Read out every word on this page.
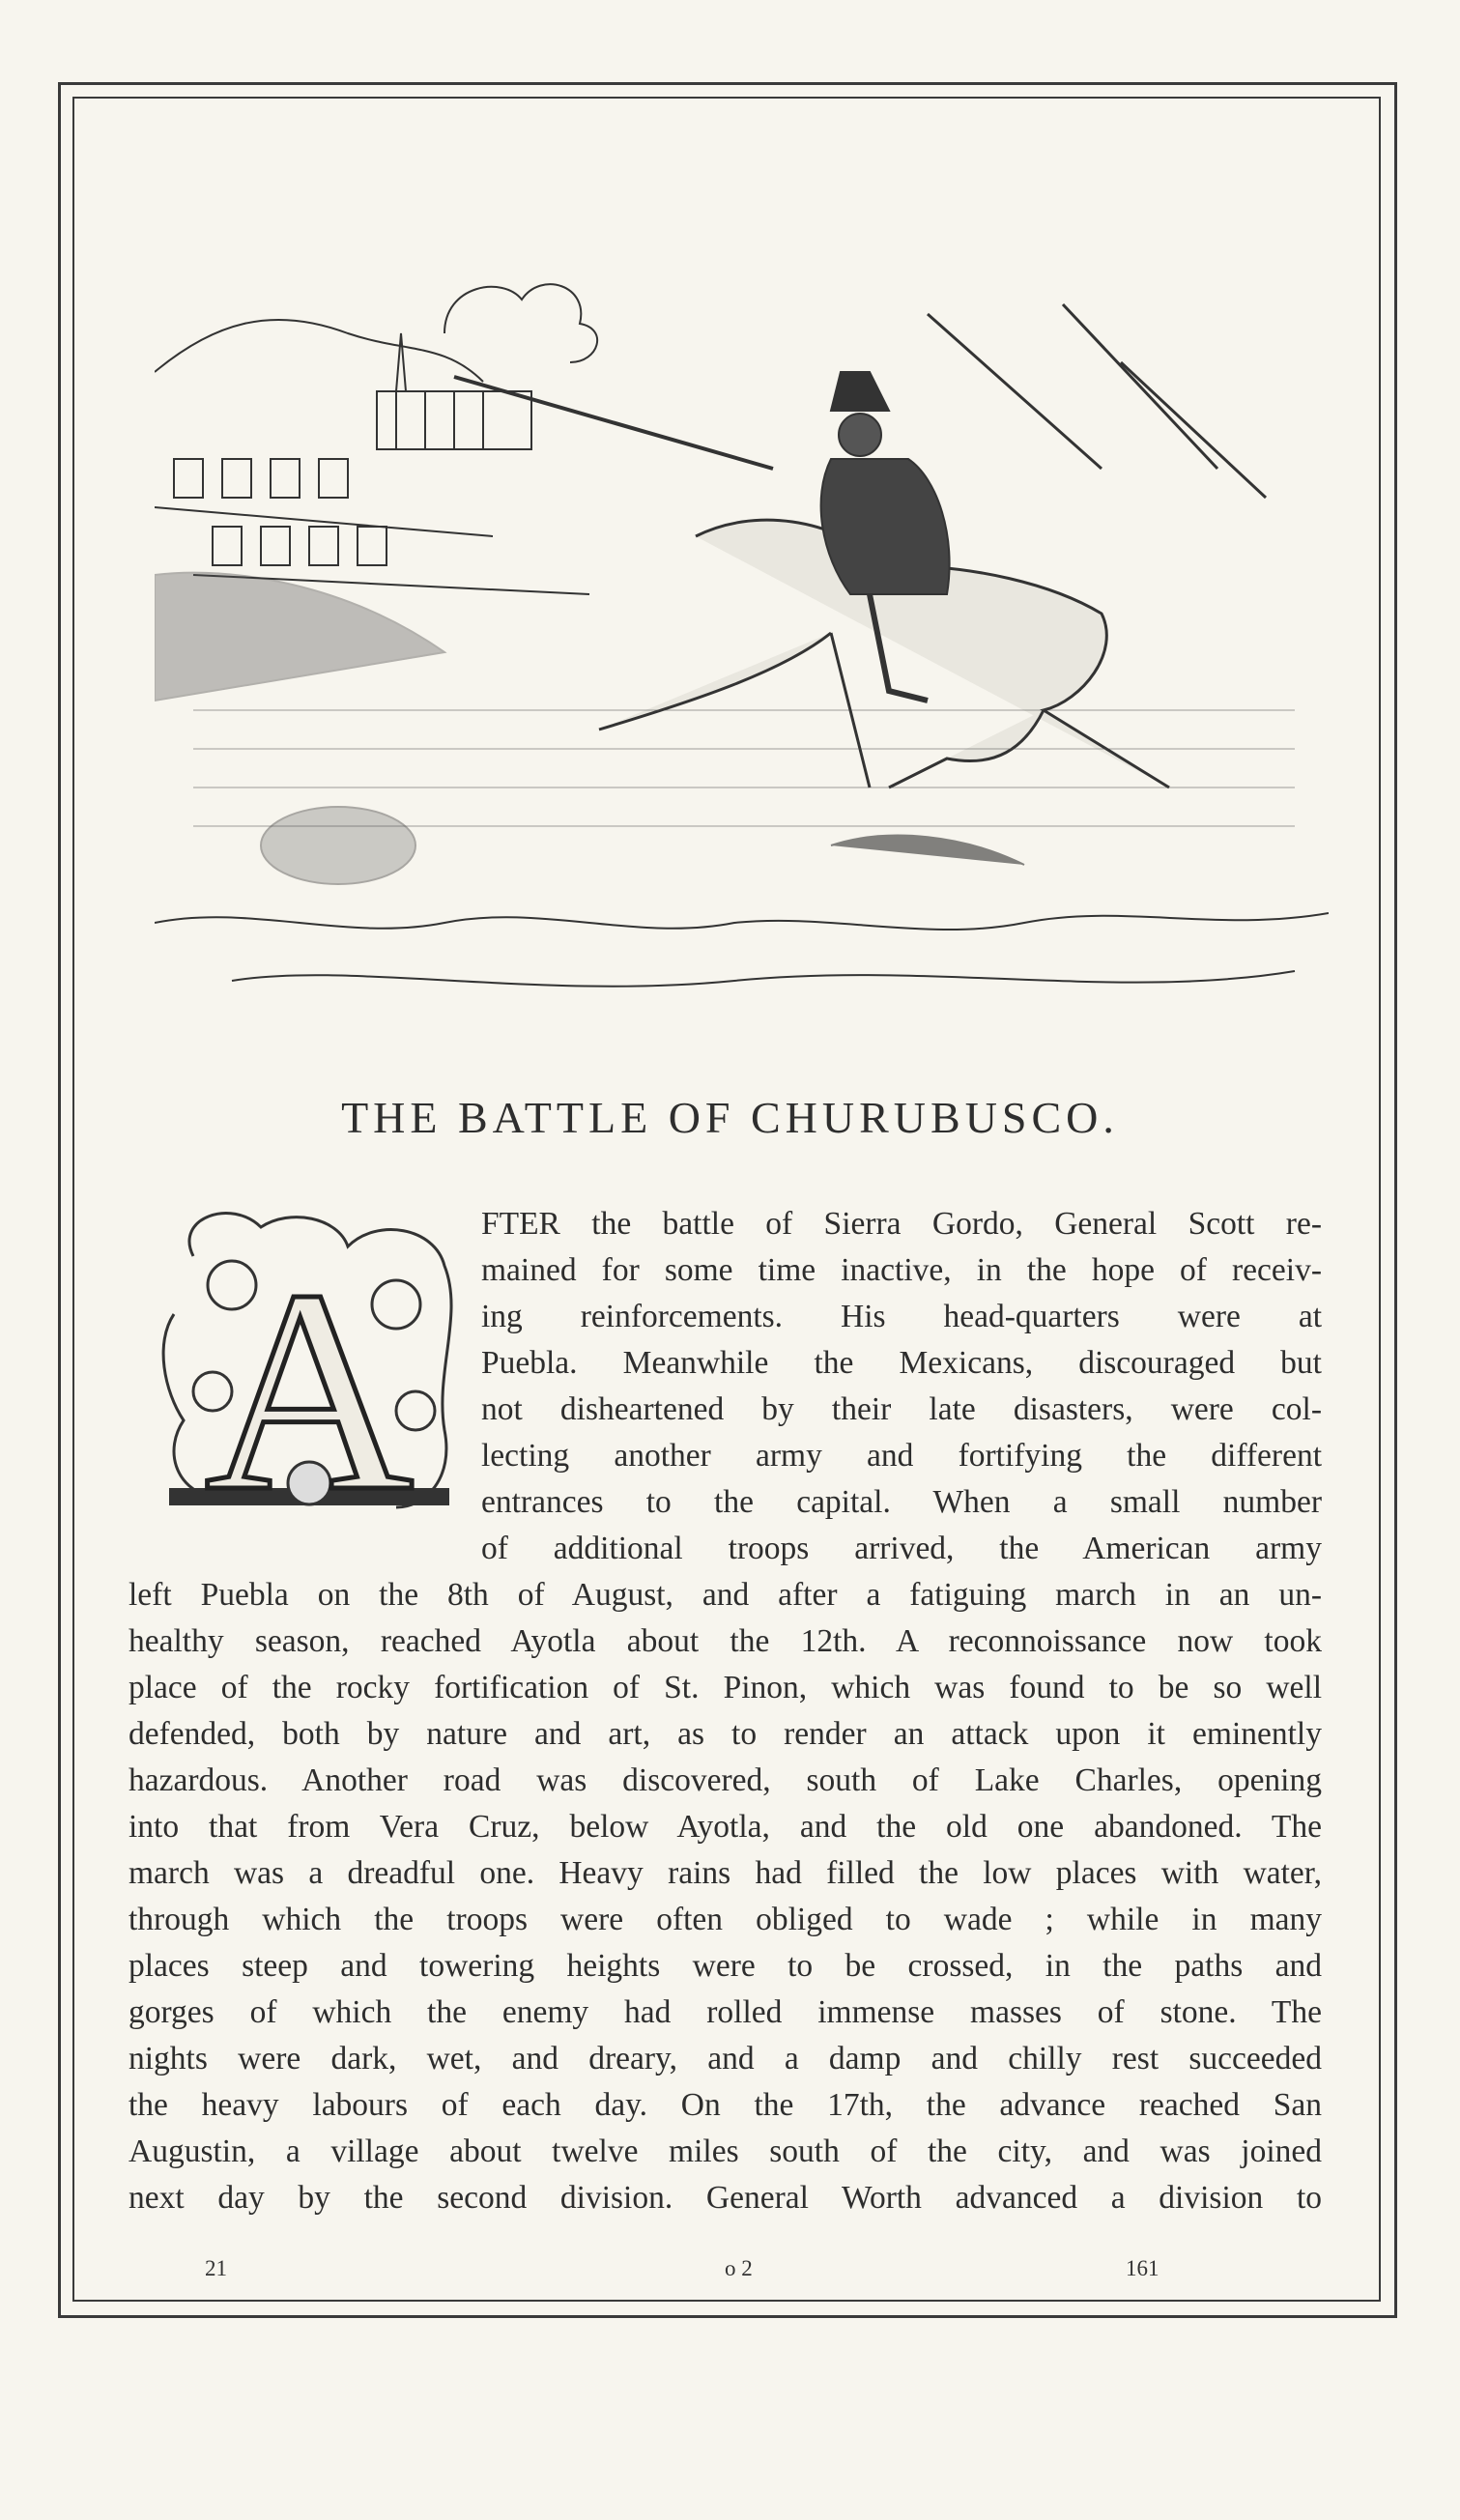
THE BATTLE OF CHURUBUSCO.
A
FTER the battle of Sierra Gordo, General Scott re-
mained for some time inactive, in the hope of receiv-
ing reinforcements. His head-quarters were at
Puebla. Meanwhile the Mexicans, discouraged but
not disheartened by their late disasters, were col-
lecting another army and fortifying the different
entrances to the capital. When a small number
of additional troops arrived, the American army
left Puebla on the 8th of August, and after a fatiguing march in an un-
healthy season, reached Ayotla about the 12th. A reconnoissance now took
place of the rocky fortification of St. Pinon, which was found to be so well
defended, both by nature and art, as to render an attack upon it eminently
hazardous. Another road was discovered, south of Lake Charles, opening
into that from Vera Cruz, below Ayotla, and the old one abandoned. The
march was a dreadful one. Heavy rains had filled the low places with water,
through which the troops were often obliged to wade ; while in many
places steep and towering heights were to be crossed, in the paths and
gorges of which the enemy had rolled immense masses of stone. The
nights were dark, wet, and dreary, and a damp and chilly rest succeeded
the heavy labours of each day. On the 17th, the advance reached San
Augustin, a village about twelve miles south of the city, and was joined
next day by the second division. General Worth advanced a division to
21	o 2	161
